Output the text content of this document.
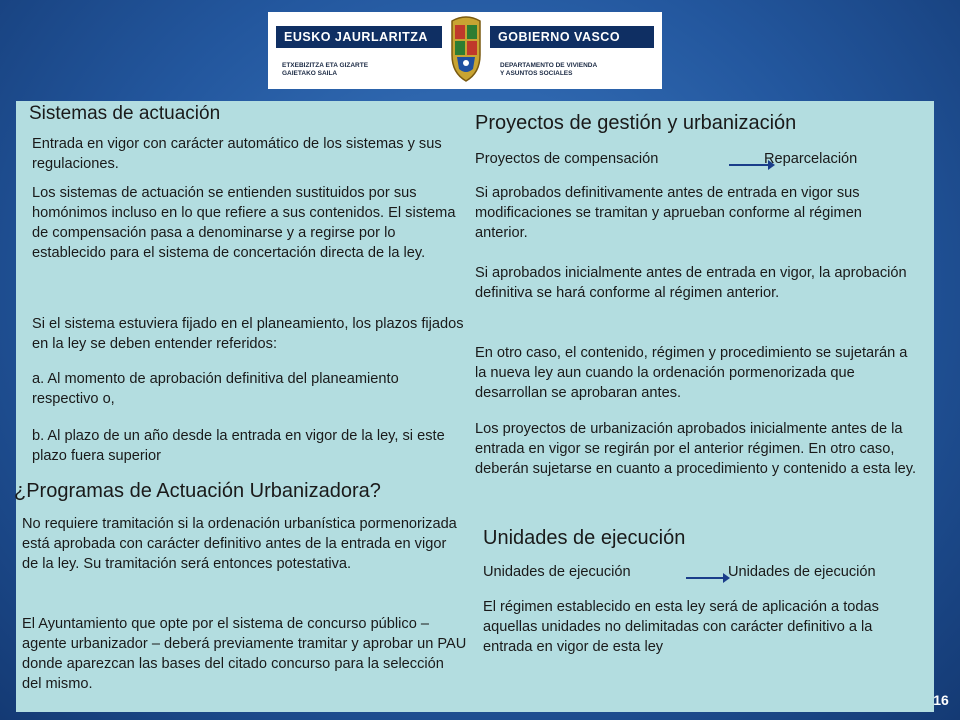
EUSKO JAURLARITZA	GOBIERNO VASCO
ETXEBIZITZA ETA GIZARTE
GAIETAKO SAILA
DEPARTAMENTO DE VIVIENDA
Y ASUNTOS SOCIALES
Sistemas de actuación

Entrada en vigor con carácter automático de los sistemas y sus regulaciones.

Los sistemas de actuación se entienden sustituidos por sus homónimos incluso en lo que refiere a sus contenidos. El sistema de compensación pasa a denominarse y a regirse por lo establecido para el sistema de concertación directa de la ley.

Si el sistema estuviera fijado en el planeamiento, los plazos fijados en la ley se deben entender referidos:

a. Al momento de aprobación definitiva del planeamiento respectivo o,

b. Al plazo de un año desde la entrada en vigor de la ley, si este plazo fuera superior

¿Programas de Actuación Urbanizadora?

No requiere tramitación si la ordenación urbanística pormenorizada está aprobada con carácter definitivo antes de la entrada en vigor de la ley. Su tramitación será entonces potestativa.

El Ayuntamiento que opte por el sistema de concurso público – agente urbanizador – deberá previamente tramitar y aprobar un PAU donde aparezcan las bases del citado concurso para la selección del mismo.

Proyectos de gestión y urbanización
Proyectos de compensación	Reparcelación

Si aprobados definitivamente antes de entrada en vigor sus modificaciones se tramitan y aprueban conforme al régimen anterior.

Si aprobados inicialmente antes de entrada en vigor, la aprobación definitiva se hará conforme al régimen anterior.

En otro caso, el contenido, régimen y procedimiento se sujetarán a la nueva ley aun cuando la ordenación pormenorizada que desarrollan se aprobaran antes.

Los proyectos de urbanización aprobados inicialmente antes de la entrada en vigor se regirán por el anterior régimen. En otro caso, deberán sujetarse en cuanto a procedimiento y contenido a esta ley.

Unidades de ejecución
Unidades de ejecución	Unidades de ejecución

El régimen establecido en esta ley será de aplicación a todas aquellas unidades no delimitadas con carácter definitivo a la entrada en vigor de esta ley

16
